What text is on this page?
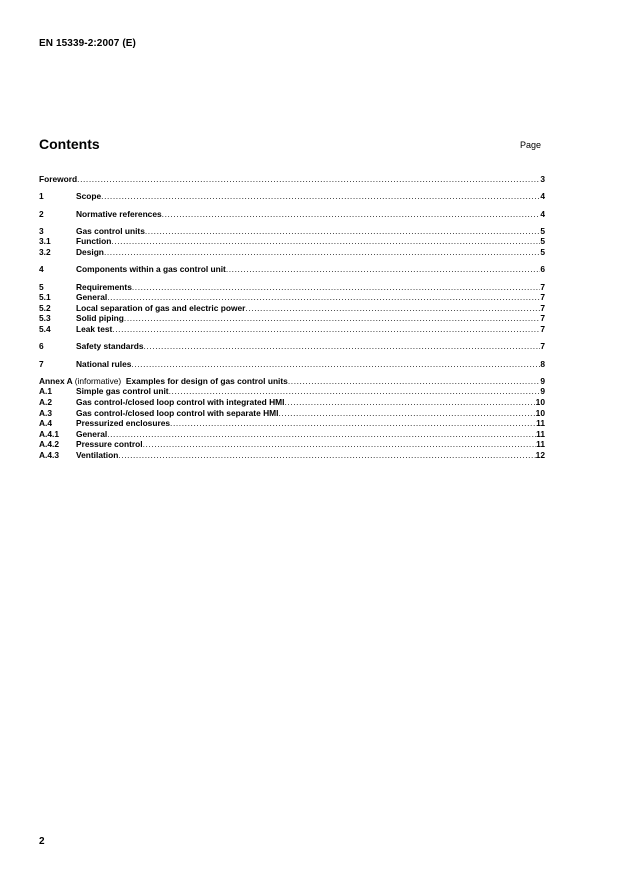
EN 15339-2:2007 (E)
Contents	Page
Foreword .....	3
1	Scope .....	4
2	Normative references .....	4
3	Gas control units .....	5
3.1	Function .....	5
3.2	Design .....	5
4	Components within a gas control unit .....	6
5	Requirements .....	7
5.1	General .....	7
5.2	Local separation of gas and electric power .....	7
5.3	Solid piping .....	7
5.4	Leak test .....	7
6	Safety standards .....	7
7	National rules .....	8
Annex A (informative) Examples for design of gas control units .....	9
A.1	Simple gas control unit .....	9
A.2	Gas control-/closed loop control with integrated HMI .....	10
A.3	Gas control-/closed loop control with separate HMI .....	10
A.4	Pressurized enclosures .....	11
A.4.1	General .....	11
A.4.2	Pressure control .....	11
A.4.3	Ventilation .....	12
2
